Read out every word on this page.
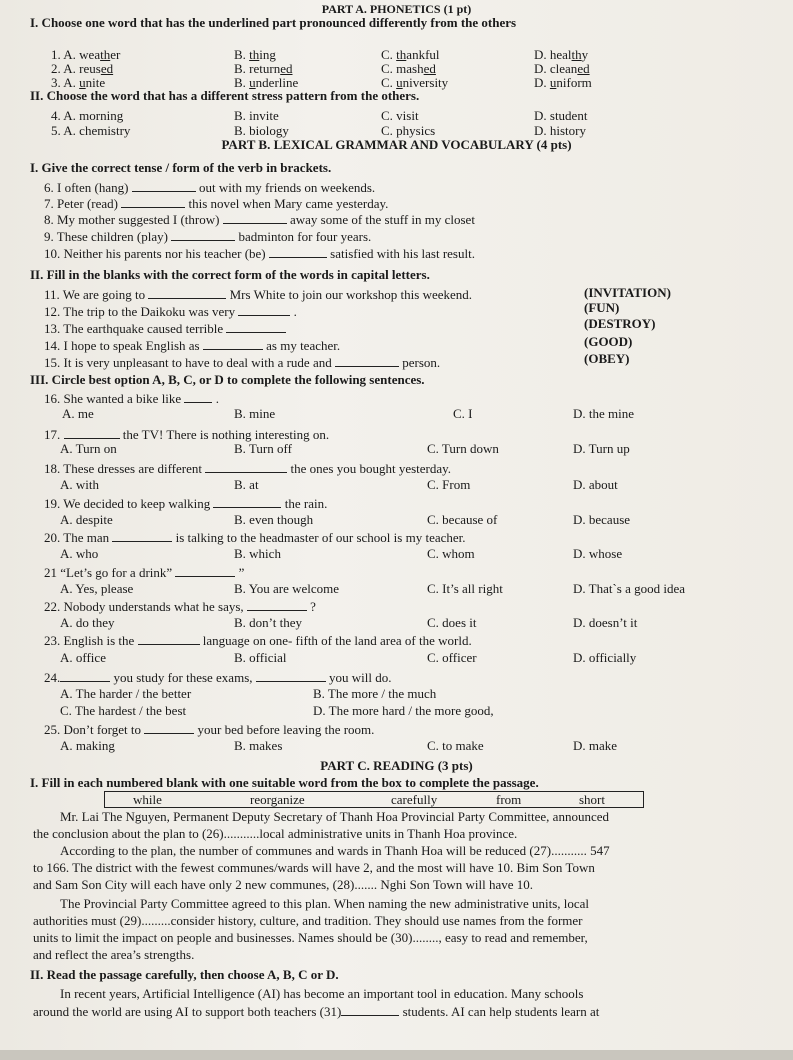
PART A. PHONETICS (1 pt)
I. Choose one word that has the underlined part pronounced differently from the others
1. A. weather	B. thing	C. thankful	D. healthy
2. A. reused	B. returned	C. mashed	D. cleaned
3. A. unite	B. underline	C. university	D. uniform
II. Choose the word that has a different stress pattern from the others.
4. A. morning	B. invite	C. visit	D. student
5. A. chemistry	B. biology	C. physics	D. history
PART B. LEXICAL GRAMMAR AND VOCABULARY (4 pts)
I. Give the correct tense / form of the verb in brackets.
6. I often (hang)	out with my friends on weekends.
7. Peter (read)	this novel when Mary came yesterday.
8. My mother suggested I (throw)	away some of the stuff in my closet
9. These children (play)	badminton for four years.
10. Neither his parents nor his teacher (be)	satisfied with his last result.
II. Fill in the blanks with the correct form of the words in capital letters.
11. We are going to	Mrs White to join our workshop this weekend.	(INVITATION)
12. The trip to the Daikoku was very	.	(FUN)
13. The earthquake caused terrible	(DESTROY)
14. I hope to speak English as	as my teacher.	(GOOD)
15. It is very unpleasant to have to deal with a rude and	person.	(OBEY)
III. Circle best option A, B, C, or D to complete the following sentences.
16. She wanted a bike like	.
A. me	B. mine	C. I	D. the mine
17.	the TV! There is nothing interesting on.
A. Turn on	B. Turn off	C. Turn down	D. Turn up
18. These dresses are different	the ones you bought yesterday.
A. with	B. at	C. From	D. about
19. We decided to keep walking	the rain.
A. despite	B. even though	C. because of	D. because
20. The man	is talking to the headmaster of our school is my teacher.
A. who	B. which	C. whom	D. whose
21 “Let’s go for a drink”	”
A. Yes, please	B. You are welcome	C. It’s all right	D. That`s a good idea
22. Nobody understands what he says,	?
A. do they	B. don’t they	C. does it	D. doesn’t it
23. English is the	language on one- fifth of the land area of the world.
A. office	B. official	C. officer	D. officially
25. Don’t forget to	your bed before leaving the room.
A. making	B. makes	C. to make	D. make
24.	you study for these exams,	you will do.
A. The harder / the better	B. The more / the much
C. The hardest / the best	D. The more hard / the more good,
PART C. READING (3 pts)
I. Fill in each numbered blank with one suitable word from the box to complete the passage.
while	reorganize	carefully	from	short
Mr. Lai The Nguyen, Permanent Deputy Secretary of Thanh Hoa Provincial Party Committee, announced
the conclusion about the plan to (26)...........local administrative units in Thanh Hoa province.
According to the plan, the number of communes and wards in Thanh Hoa will be reduced (27)........... 547
to 166. The district with the fewest communes/wards will have 2, and the most will have 10. Bim Son Town
and Sam Son City will each have only 2 new communes, (28)....... Nghi Son Town will have 10.
The Provincial Party Committee agreed to this plan. When naming the new administrative units, local
authorities must (29).........consider history, culture, and tradition. They should use names from the former
units to limit the impact on people and businesses. Names should be (30)........, easy to read and remember,
and reflect the area’s strengths.
II. Read the passage carefully, then choose A, B, C or D.
In recent years, Artificial Intelligence (AI) has become an important tool in education. Many schools
around the world are using AI to support both teachers (31)	students. AI can help students learn at
